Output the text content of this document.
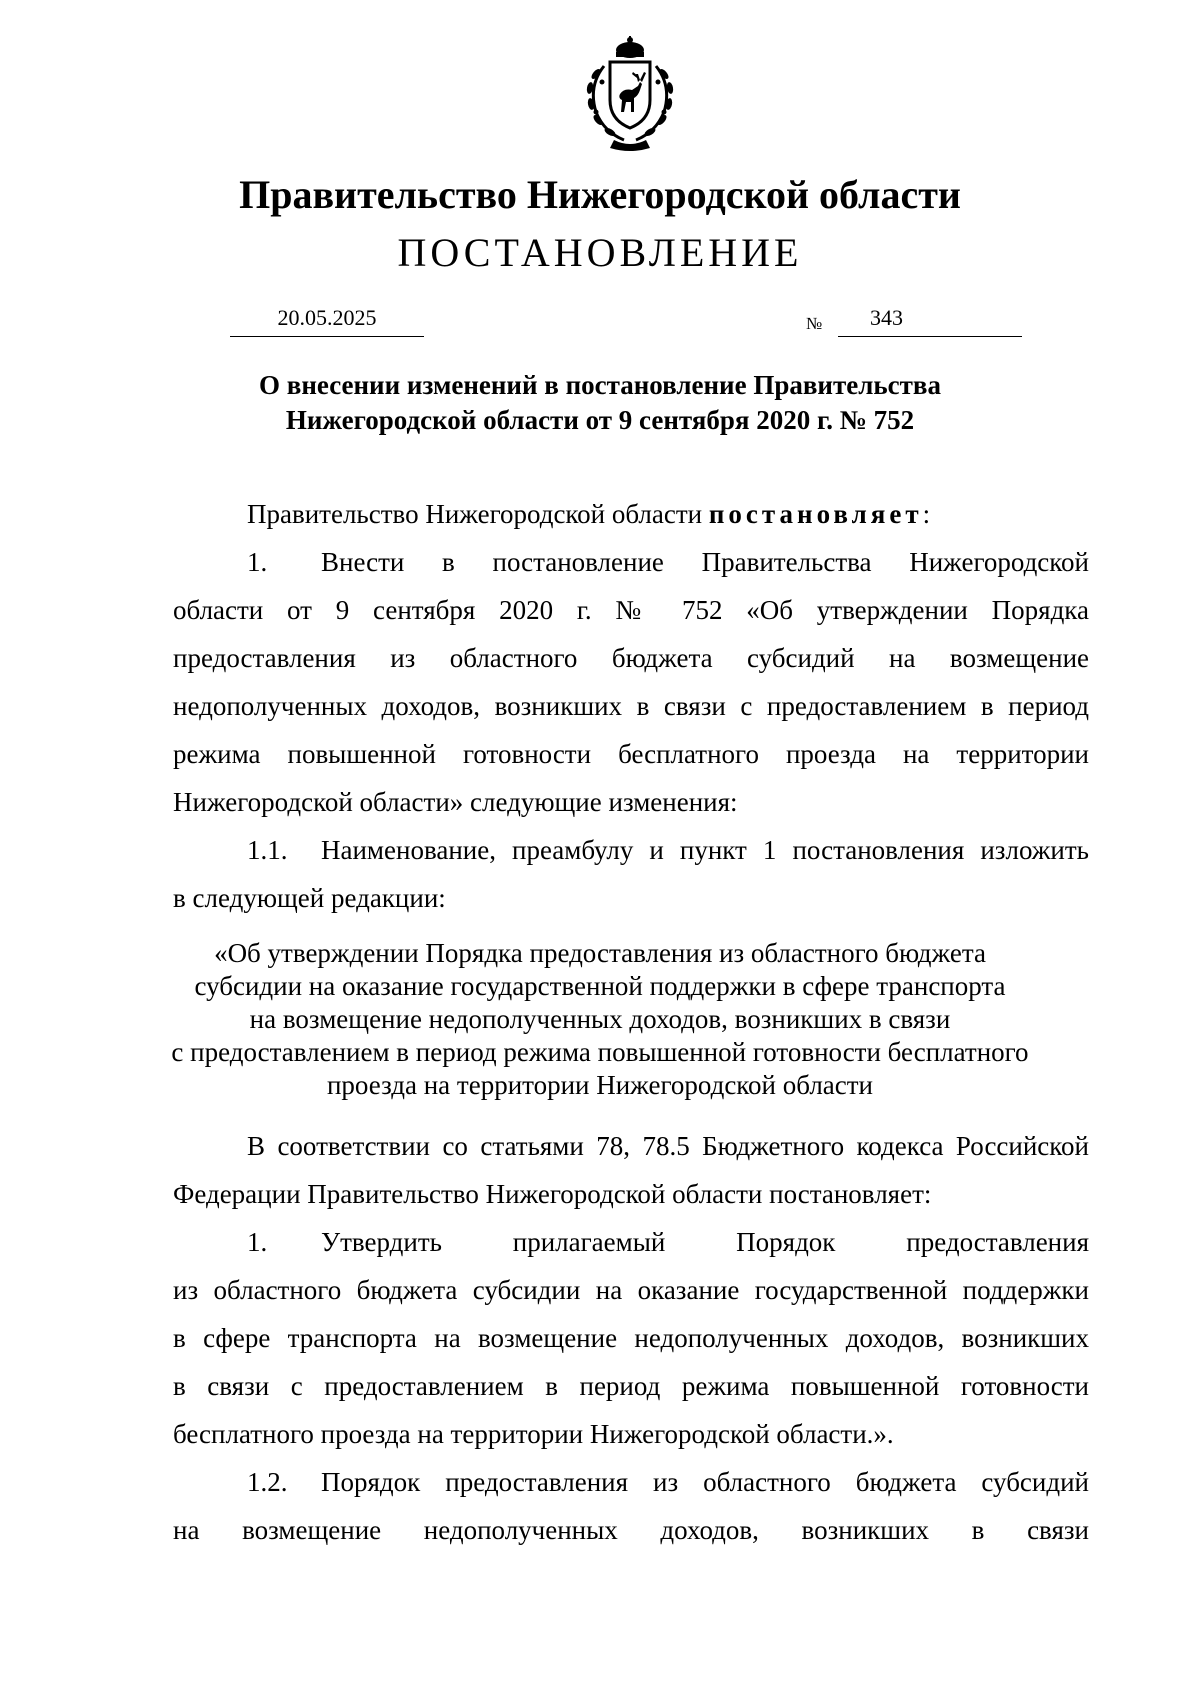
Правительство Нижегородской области
ПОСТАНОВЛЕНИЕ
20.05.2025	№ 343
О внесении изменений в постановление Правительства
Нижегородской области от 9 сентября 2020 г. № 752
Правительство Нижегородской области постановляет:
1. Внести в постановление Правительства Нижегородской
области от 9 сентября 2020 г. № 752 «Об утверждении Порядка
предоставления из областного бюджета субсидий на возмещение
недополученных доходов, возникших в связи с предоставлением в период
режима повышенной готовности бесплатного проезда на территории
Нижегородской области» следующие изменения:
1.1. Наименование, преамбулу и пункт 1 постановления изложить
в следующей редакции:
«Об утверждении Порядка предоставления из областного бюджета
субсидии на оказание государственной поддержки в сфере транспорта
на возмещение недополученных доходов, возникших в связи
с предоставлением в период режима повышенной готовности бесплатного
проезда на территории Нижегородской области
В соответствии со статьями 78, 78.5 Бюджетного кодекса Российской
Федерации Правительство Нижегородской области постановляет:
1. Утвердить прилагаемый Порядок предоставления
из областного бюджета субсидии на оказание государственной поддержки
в сфере транспорта на возмещение недополученных доходов, возникших
в связи с предоставлением в период режима повышенной готовности
бесплатного проезда на территории Нижегородской области.».
1.2. Порядок предоставления из областного бюджета субсидий
на возмещение недополученных доходов, возникших в связи
